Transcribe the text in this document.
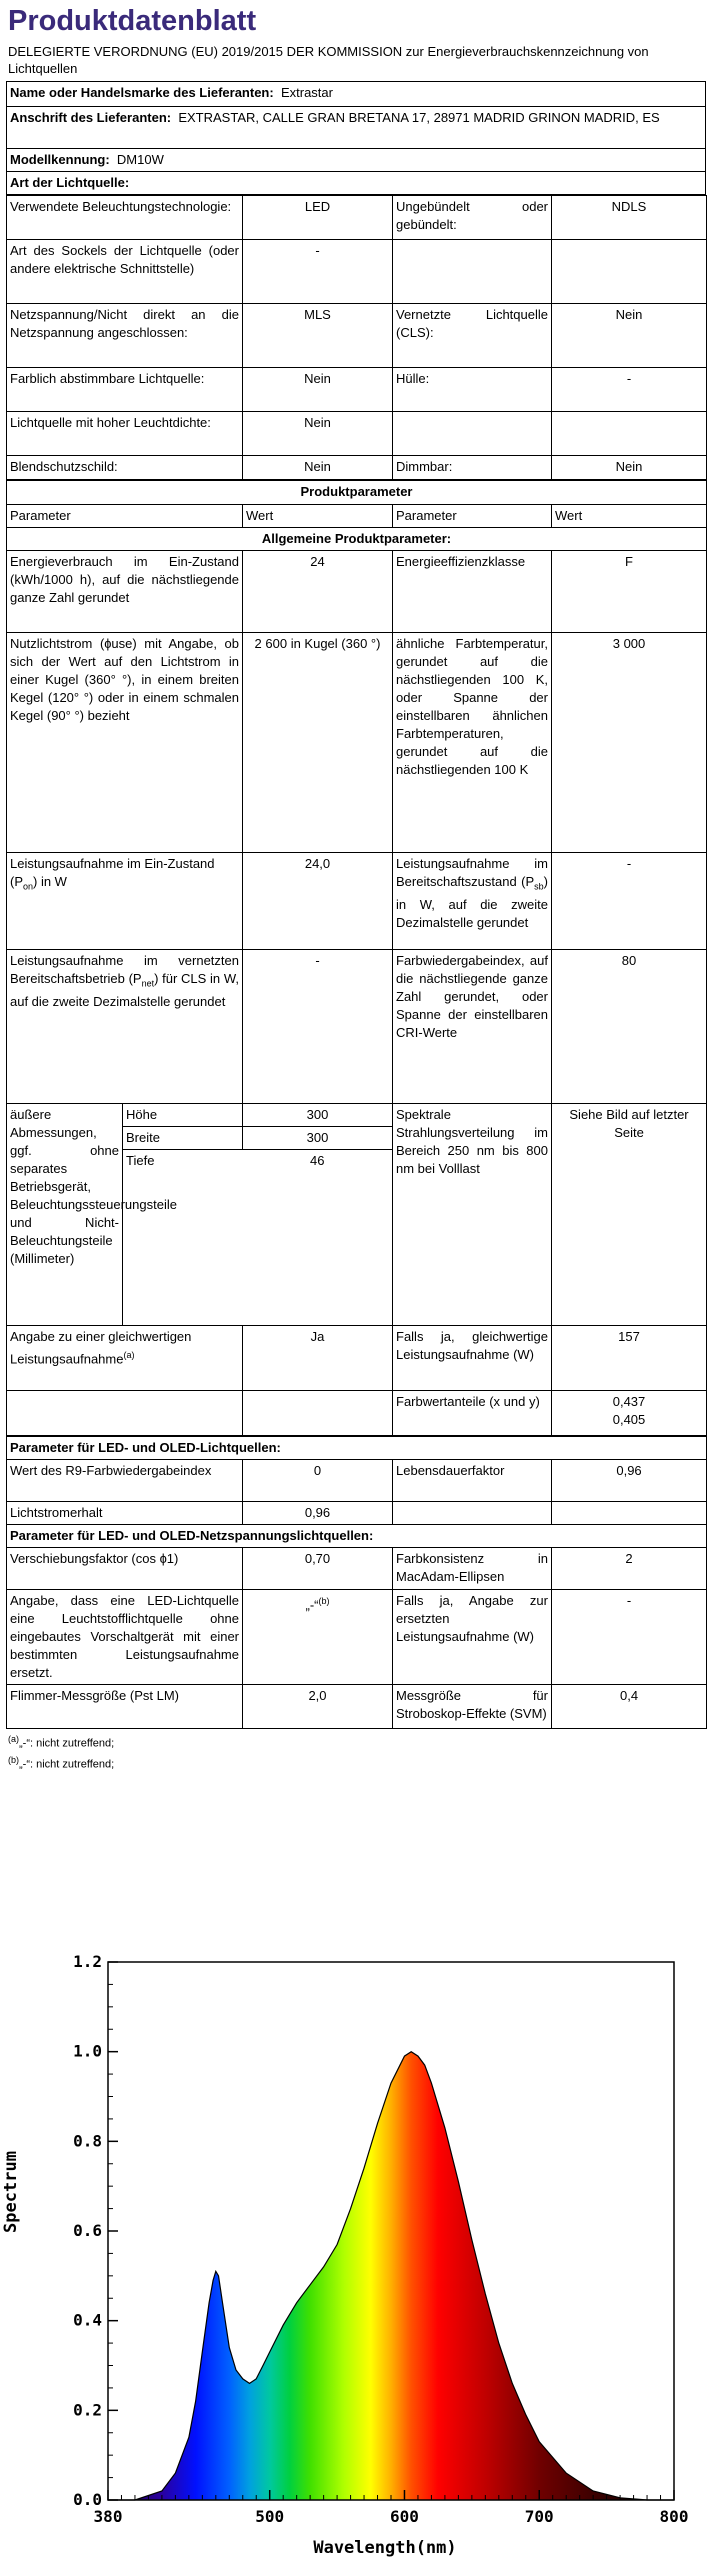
Produktdatenblatt
DELEGIERTE VERORDNUNG (EU) 2019/2015 DER KOMMISSION zur Energieverbrauchskennzeichnung von Lichtquellen
Name oder Handelsmarke des Lieferanten: Extrastar
Anschrift des Lieferanten: EXTRASTAR, CALLE GRAN BRETANA 17, 28971 MADRID GRINON MADRID, ES
Modellkennung: DM10W
Art der Lichtquelle:
Verwendete Beleuchtungstechnologie:	LED	Ungebündelt oder gebündelt:	NDLS
Art des Sockels der Lichtquelle (oder andere elektrische Schnittstelle)	-		
Netzspannung/Nicht direkt an die Netzspannung angeschlossen:	MLS	Vernetzte Lichtquelle (CLS):	Nein
Farblich abstimmbare Lichtquelle:	Nein	Hülle:	-
Lichtquelle mit hoher Leuchtdichte:	Nein		
Blendschutzschild:	Nein	Dimmbar:	Nein
Produktparameter				
Parameter		Wert	Parameter	Wert
Allgemeine Produktparameter:				
Energieverbrauch im Ein-Zustand (kWh/1000 h), auf die nächstliegende ganze Zahl gerundet		24	Energieeffizienzklasse	F
Nutzlichtstrom (ɸuse) mit Angabe, ob sich der Wert auf den Lichtstrom in einer Kugel (360° °), in einem breiten Kegel (120° °) oder in einem schmalen Kegel (90° °) bezieht		2 600 in Kugel (360 °)	ähnliche Farbtemperatur, gerundet auf die nächstliegenden 100 K, oder Spanne der einstellbaren ähnlichen Farbtemperaturen, gerundet auf die nächstliegenden 100 K	3 000
Leistungsaufnahme im Ein-Zustand $(P_{on})$ in W		24,0	Leistungsaufnahme im Bereitschaftszustand $(P_{sb})$ in W, auf die zweite Dezimalstelle gerundet	-
Leistungsaufnahme im vernetzten Bereitschaftsbetrieb $(P_{net})$ für CLS in W, auf die zweite Dezimalstelle gerundet		-	Farbwiedergabeindex, auf die nächstliegende ganze Zahl gerundet, oder Spanne der einstellbaren CRI-Werte	80
äußere Abmessungen, ggf. ohne separates Betriebsgerät, Beleuchtungssteuerungsteile und Nicht-Beleuchtungsteile (Millimeter)	Höhe	300	Spektrale Strahlungsverteilung im Bereich 250 nm bis 800 nm bei Volllast	Siehe Bild auf letzter Seite
	Breite	300		
	Tiefe	46		
Angabe zu einer gleichwertigen Leistungsaufnahme$^{(a)}$		Ja	Falls ja, gleichwertige Leistungsaufnahme (W)	157
			Farbwertanteile (x und y)	0,437
0,405
Parameter für LED- und OLED-Lichtquellen:			
Wert des R9-Farbwiedergabeindex	0	Lebensdauerfaktor	0,96
Lichtstromerhalt	0,96		
Parameter für LED- und OLED-Netzspannungslichtquellen:			
Verschiebungsfaktor (cos ɸ1)	0,70	Farbkonsistenz in MacAdam-Ellipsen	2
Angabe, dass eine LED-Lichtquelle eine Leuchtstofflichtquelle ohne eingebautes Vorschaltgerät mit einer bestimmten Leistungsaufnahme ersetzt.	„-“$^{(b)}$	Falls ja, Angabe zur ersetzten Leistungsaufnahme (W)	-
Flimmer-Messgröße (Pst LM)	2,0	Messgröße für Stroboskop-Effekte (SVM)	0,4
$^{(a)}$„-“: nicht zutreffend;
$^{(b)}$„-“: nicht zutreffend;
380	500	600	700	800
0.0
0.2
0.4
0.6
0.8
1.0
1.2
Spectrum
Wavelength(nm)
